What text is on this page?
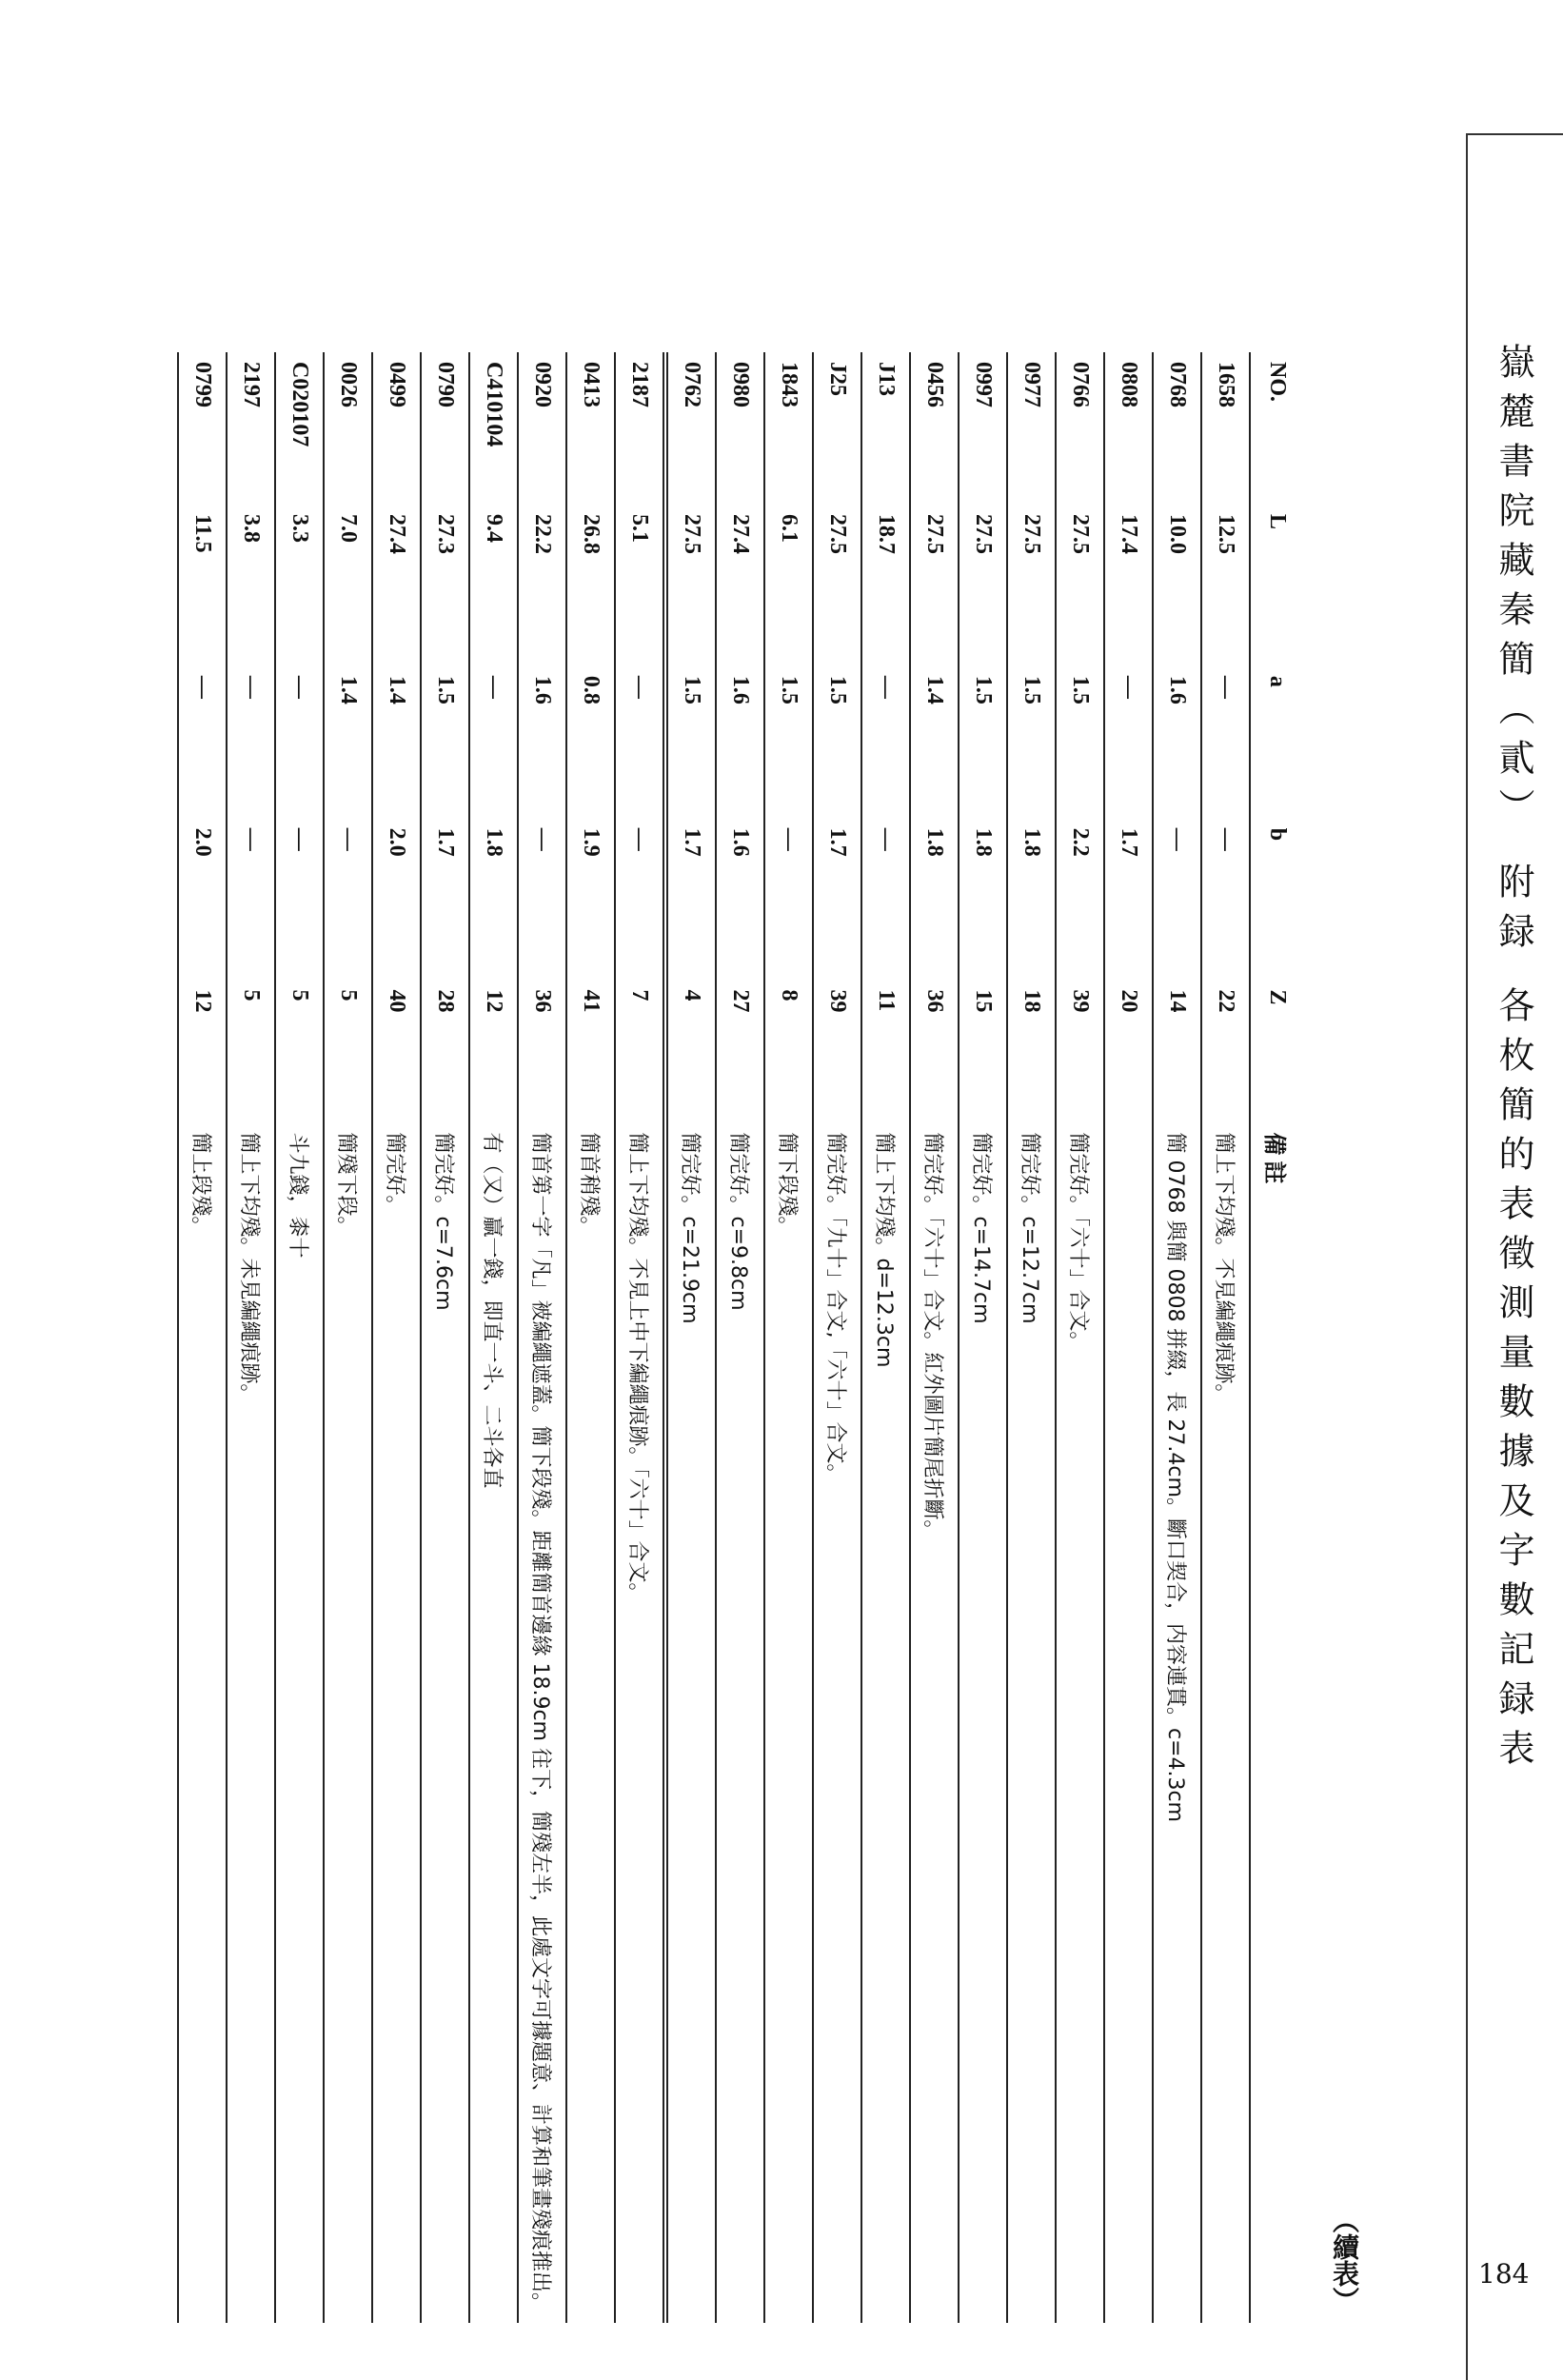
嶽麓書院藏秦簡（貳） 附録 各枚簡的表徵測量數據及字數記録表
184
（續表）
NO.	L	a	b	Z	備 註
1658	12.5	—	—	22	簡上下均殘。不見編繩痕跡。
0768	10.0	1.6	—	14	簡 0768 與簡 0808 拼綴，長 27.4cm。斷口契合，内容連貫。c=4.3cm
0808	17.4	—	1.7	20	
0766	27.5	1.5	2.2	39	簡完好。「六十」合文。
0977	27.5	1.5	1.8	18	簡完好。c=12.7cm
0997	27.5	1.5	1.8	15	簡完好。c=14.7cm
0456	27.5	1.4	1.8	36	簡完好。「六十」合文。紅外圖片簡尾折斷。
J13	18.7	—	—	11	簡上下均殘。d=12.3cm
J25	27.5	1.5	1.7	39	簡完好。「九十」合文,「六十」合文。
1843	6.1	1.5	—	8	簡下段殘。
0980	27.4	1.6	1.6	27	簡完好。c=9.8cm
0762	27.5	1.5	1.7	4	簡完好。c=21.9cm
2187	5.1	—	—	7	簡上下均殘。不見上中下編繩痕跡。「六十」合文。
0413	26.8	0.8	1.9	41	簡首稍殘。
0920	22.2	1.6	—	36	簡首第一字「凡」被編繩遮蓋。簡下段殘。距離簡首邊緣 18.9cm 往下，簡殘左半，此處文字可據題意、計算和筆畫殘痕推出。
C410104	9.4	—	1.8	12	有（又）贏一錢，即直一斗、二斗各直
0790	27.3	1.5	1.7	28	簡完好。c=7.6cm
0499	27.4	1.4	2.0	40	簡完好。
0026	7.0	1.4	—	5	簡殘下段。
C020107	3.3	—	—	5	斗九錢，桼十
2197	3.8	—	—	5	簡上下均殘。未見編繩痕跡。
0799	11.5	—	2.0	12	簡上段殘。
